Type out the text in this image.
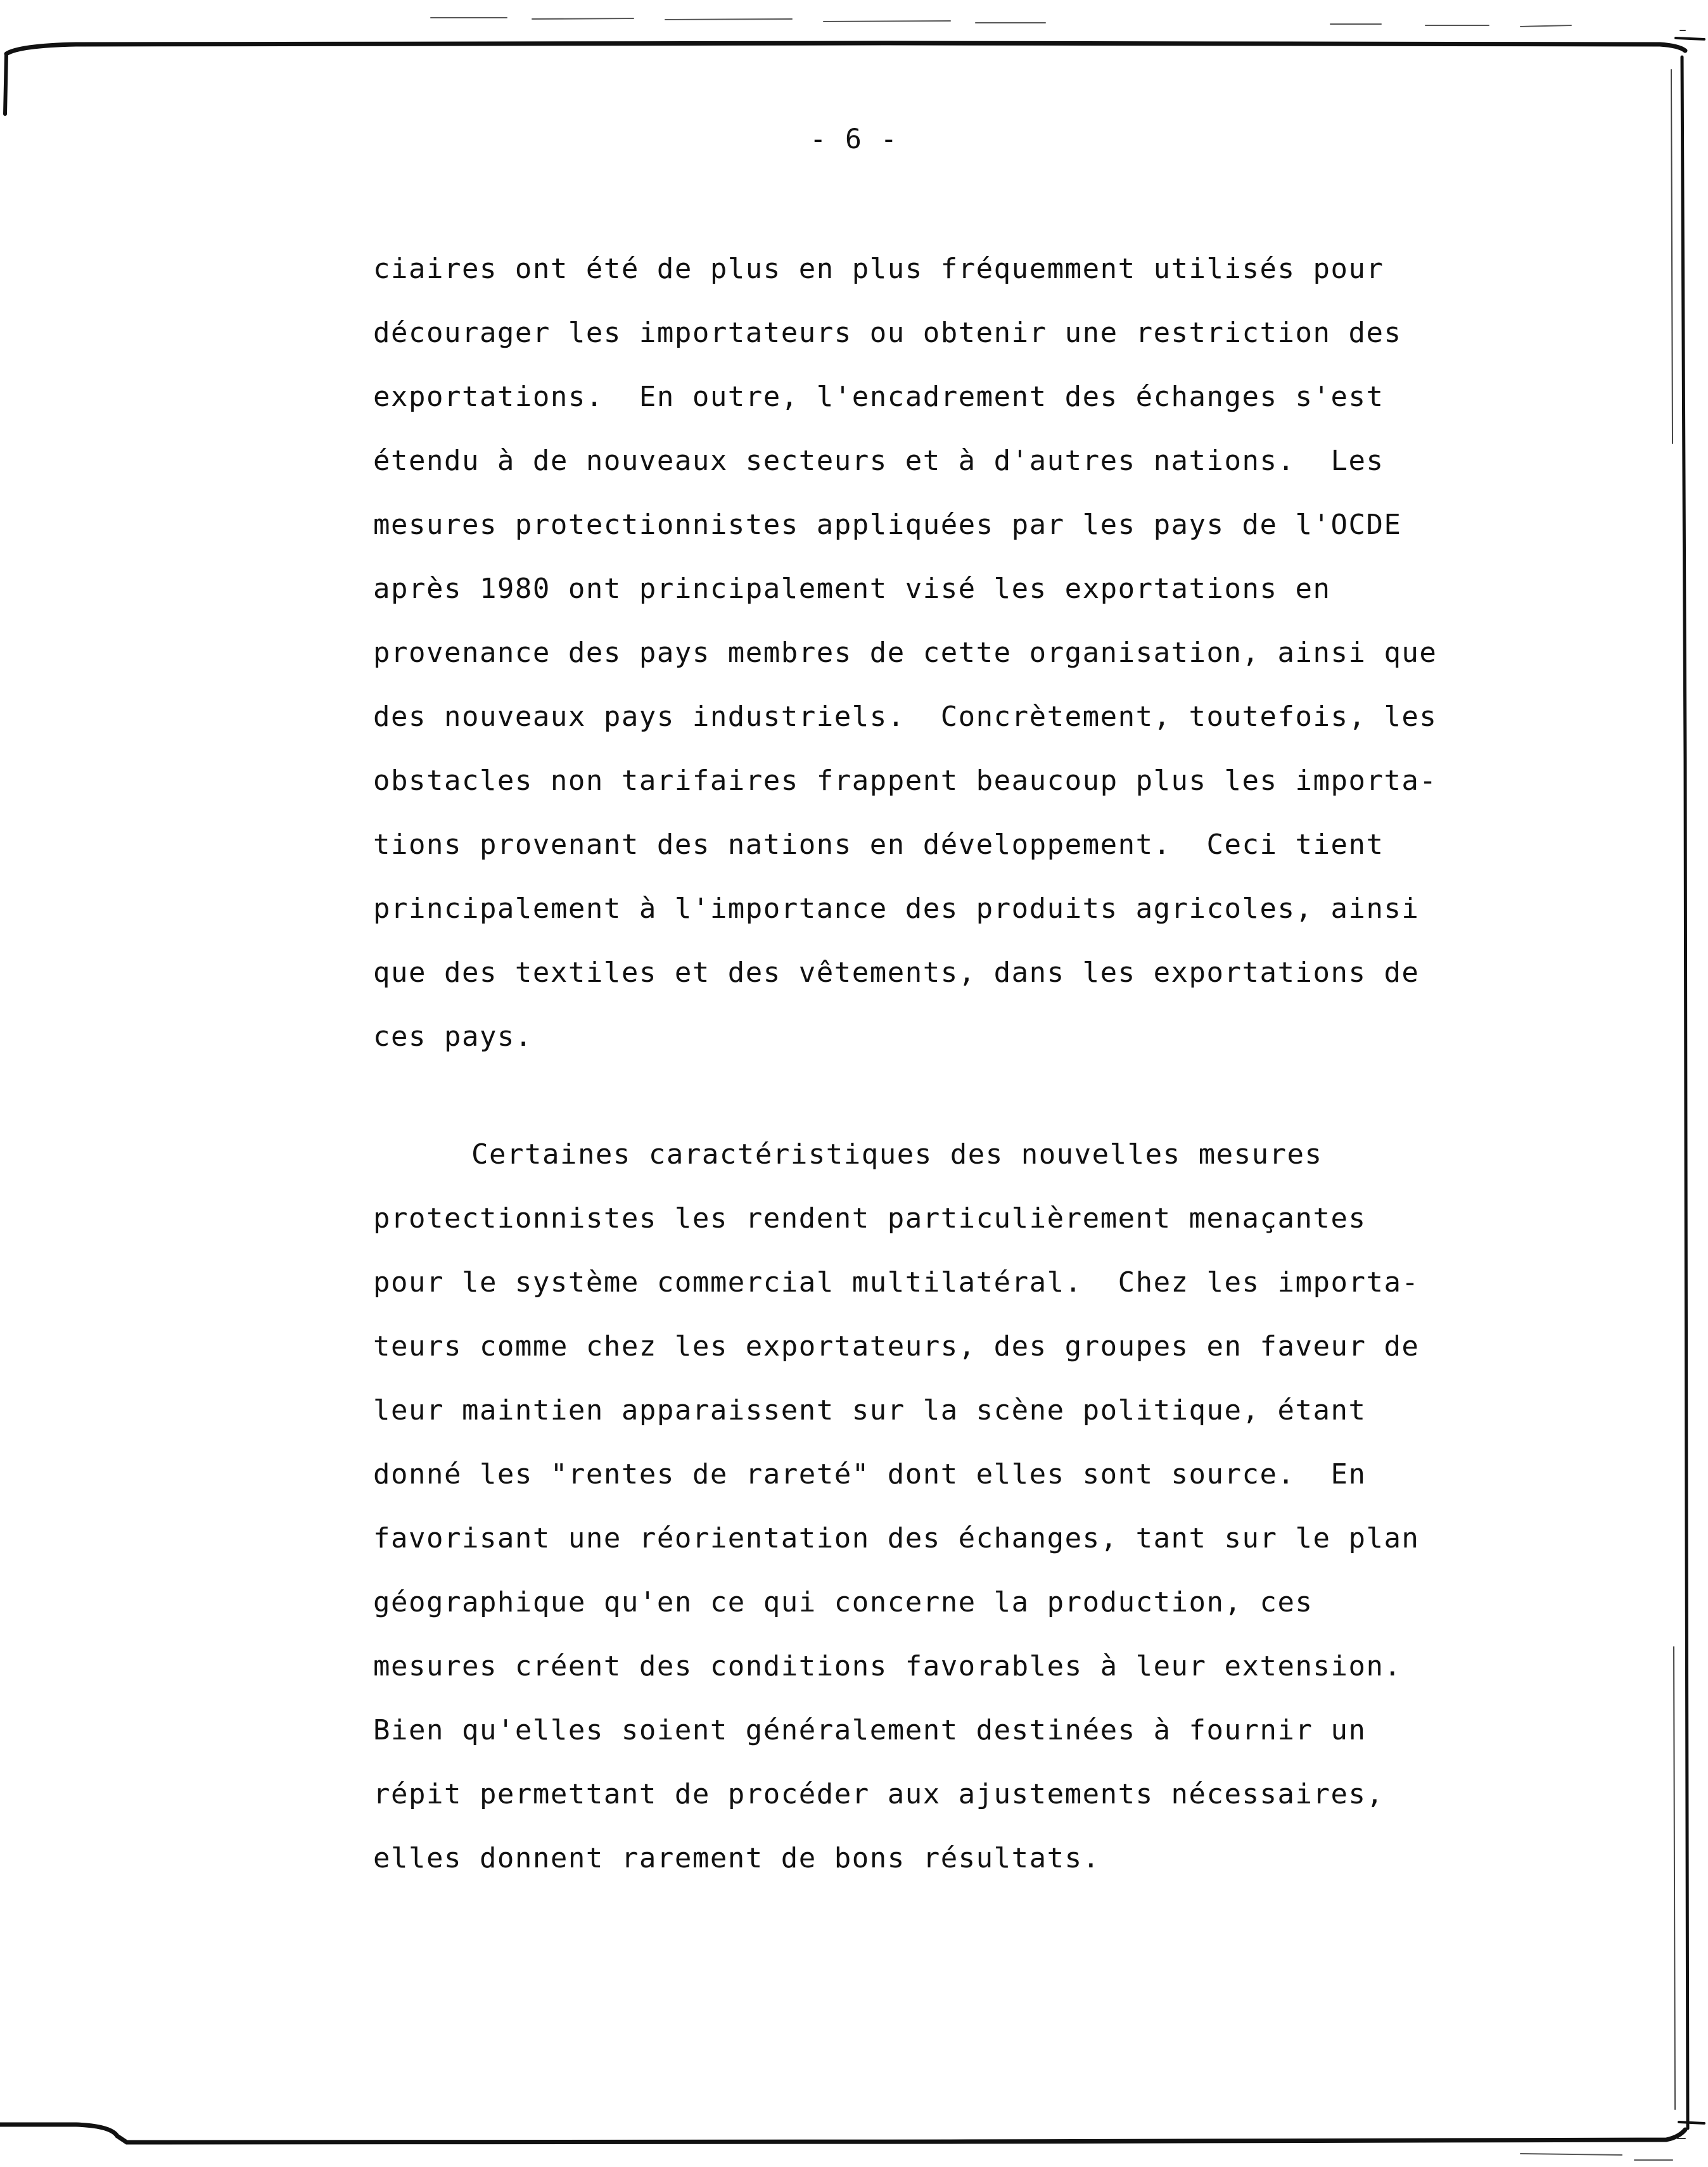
- 6 -
ciaires ont été de plus en plus fréquemment utilisés pour
décourager les importateurs ou obtenir une restriction des
exportations.  En outre, l'encadrement des échanges s'est
étendu à de nouveaux secteurs et à d'autres nations.  Les
mesures protectionnistes appliquées par les pays de l'OCDE
après 1980 ont principalement visé les exportations en
provenance des pays membres de cette organisation, ainsi que
des nouveaux pays industriels.  Concrètement, toutefois, les
obstacles non tarifaires frappent beaucoup plus les importa-
tions provenant des nations en développement.  Ceci tient
principalement à l'importance des produits agricoles, ainsi
que des textiles et des vêtements, dans les exportations de
ces pays.
Certaines caractéristiques des nouvelles mesures
protectionnistes les rendent particulièrement menaçantes
pour le système commercial multilatéral.  Chez les importa-
teurs comme chez les exportateurs, des groupes en faveur de
leur maintien apparaissent sur la scène politique, étant
donné les "rentes de rareté" dont elles sont source.  En
favorisant une réorientation des échanges, tant sur le plan
géographique qu'en ce qui concerne la production, ces
mesures créent des conditions favorables à leur extension.
Bien qu'elles soient généralement destinées à fournir un
répit permettant de procéder aux ajustements nécessaires,
elles donnent rarement de bons résultats.
